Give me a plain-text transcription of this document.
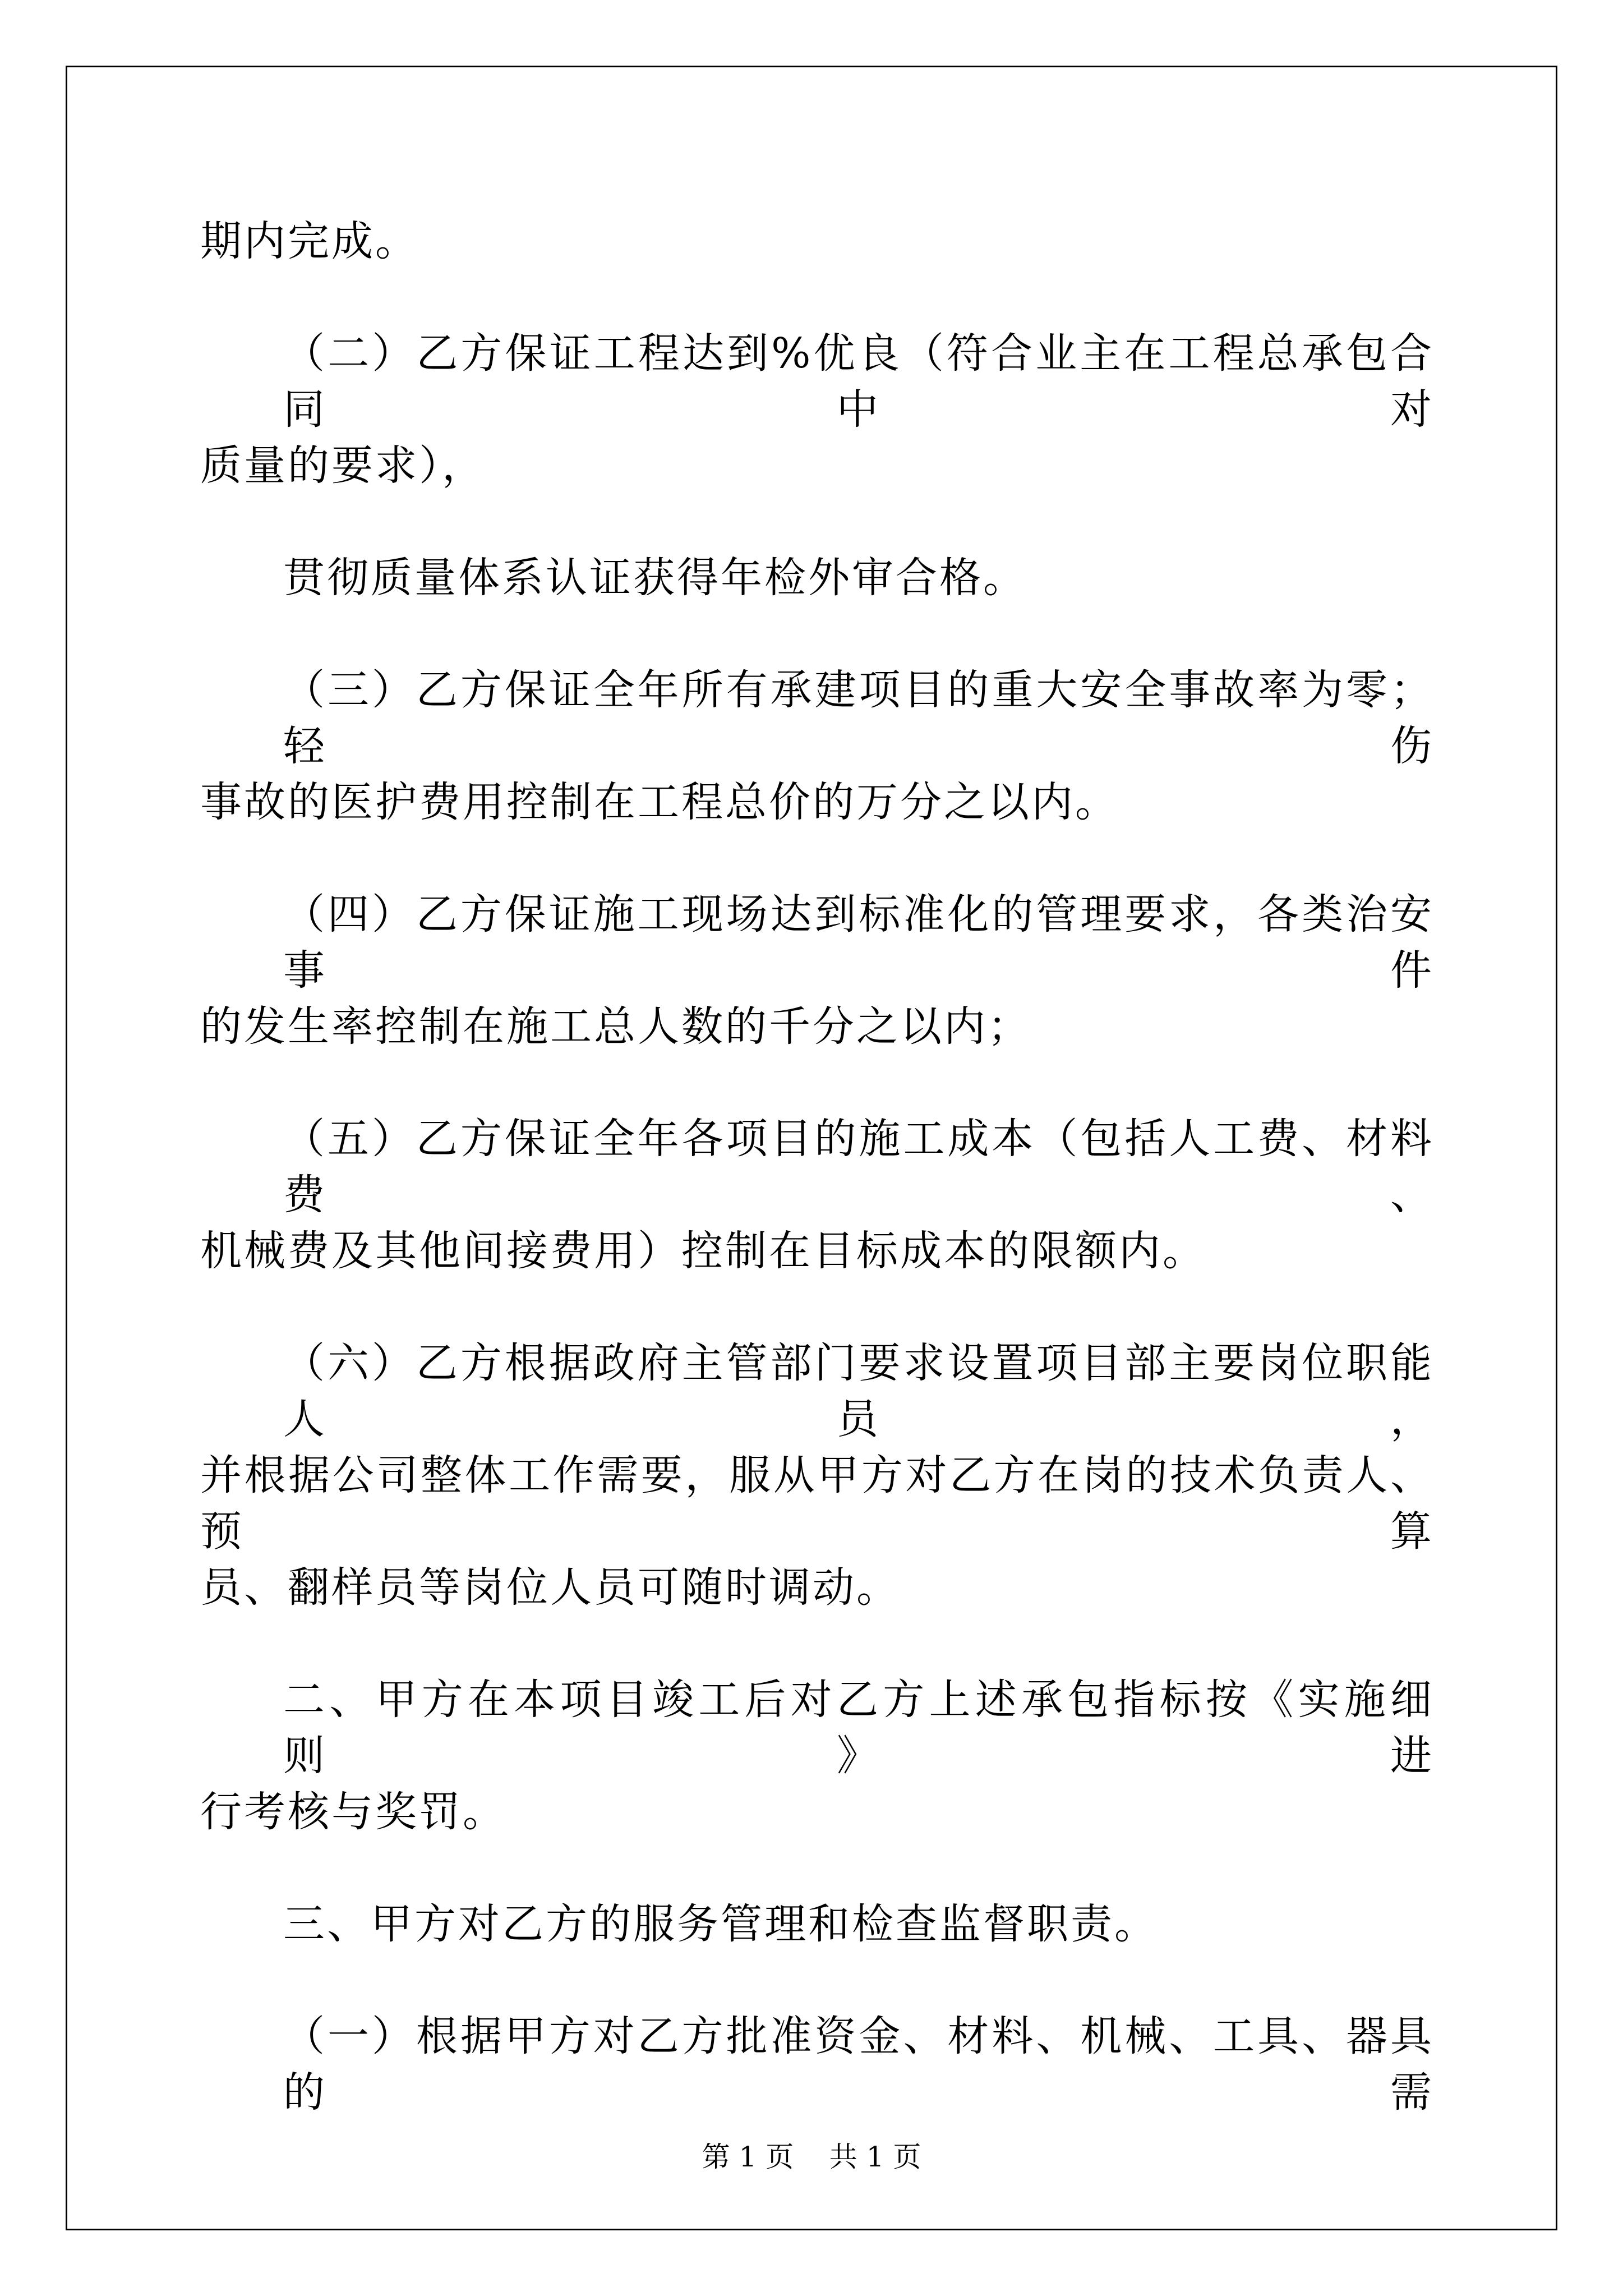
期内完成。
（二）乙方保证工程达到%优良（符合业主在工程总承包合同中对
质量的要求），
贯彻质量体系认证获得年检外审合格。
（三）乙方保证全年所有承建项目的重大安全事故率为零；轻伤
事故的医护费用控制在工程总价的万分之以内。
（四）乙方保证施工现场达到标准化的管理要求，各类治安事件
的发生率控制在施工总人数的千分之以内；
（五）乙方保证全年各项目的施工成本（包括人工费、材料费、
机械费及其他间接费用）控制在目标成本的限额内。
（六）乙方根据政府主管部门要求设置项目部主要岗位职能人员，
并根据公司整体工作需要，服从甲方对乙方在岗的技术负责人、预算
员、翻样员等岗位人员可随时调动。
二、甲方在本项目竣工后对乙方上述承包指标按《实施细则》进
行考核与奖罚。
三、甲方对乙方的服务管理和检查监督职责。
（一）根据甲方对乙方批准资金、材料、机械、工具、器具的需
第 1 页    共 1 页
